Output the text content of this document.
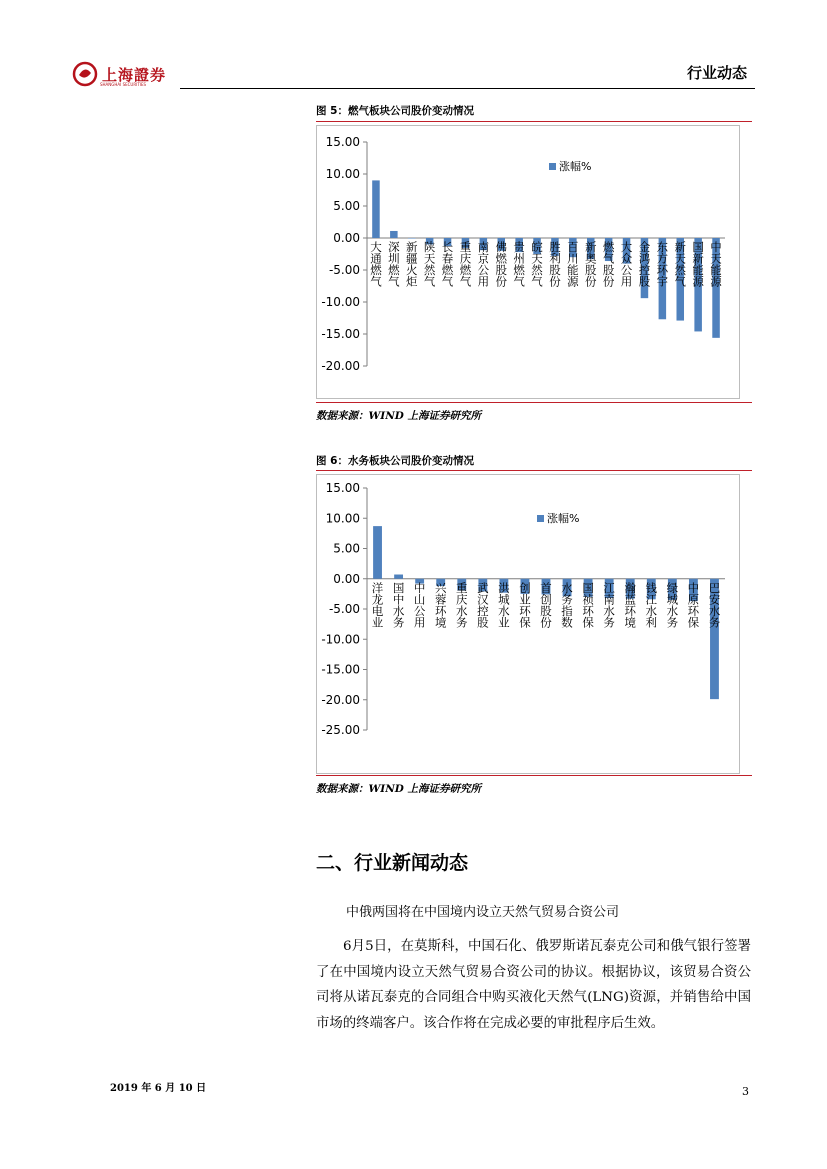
上海證券
SHANGHAI SECURITIES
行业动态
图 5：燃气板块公司股价变动情况
15.00
10.00
5.00
0.00
-5.00
-10.00
-15.00
-20.00
大通燃气 深圳燃气 新疆火炬 陕天然气 长春燃气 重庆燃气 南京公用 佛燃股份 贵州燃气 皖天然气 胜利股份 百川能源 新奥股份 燃气股份 大众公用 金鸿控股 东方环宇 新天然气 国新能源 中天能源
涨幅%
数据来源：WIND 上海证券研究所
图 6：水务板块公司股价变动情况
15.00
10.00
5.00
0.00
-5.00
-10.00
-15.00
-20.00
-25.00
洋龙电业 国中水务 中山公用 兴蓉环境 重庆水务 武汉控股 洪城水业 创业环保 首创股份 水务指数 国祯环保 江南水务 瀚蓝环境 钱江水利 绿城水务 中原环保 巴安水务
涨幅%
数据来源：WIND 上海证券研究所
二、行业新闻动态
中俄两国将在中国境内设立天然气贸易合资公司
6月5日，在莫斯科，中国石化、俄罗斯诺瓦泰克公司和俄气银行签署了在中国境内设立天然气贸易合资公司的协议。根据协议，该贸易合资公司将从诺瓦泰克的合同组合中购买液化天然气(LNG)资源，并销售给中国市场的终端客户。该合作将在完成必要的审批程序后生效。
2019 年 6 月 10 日	3
